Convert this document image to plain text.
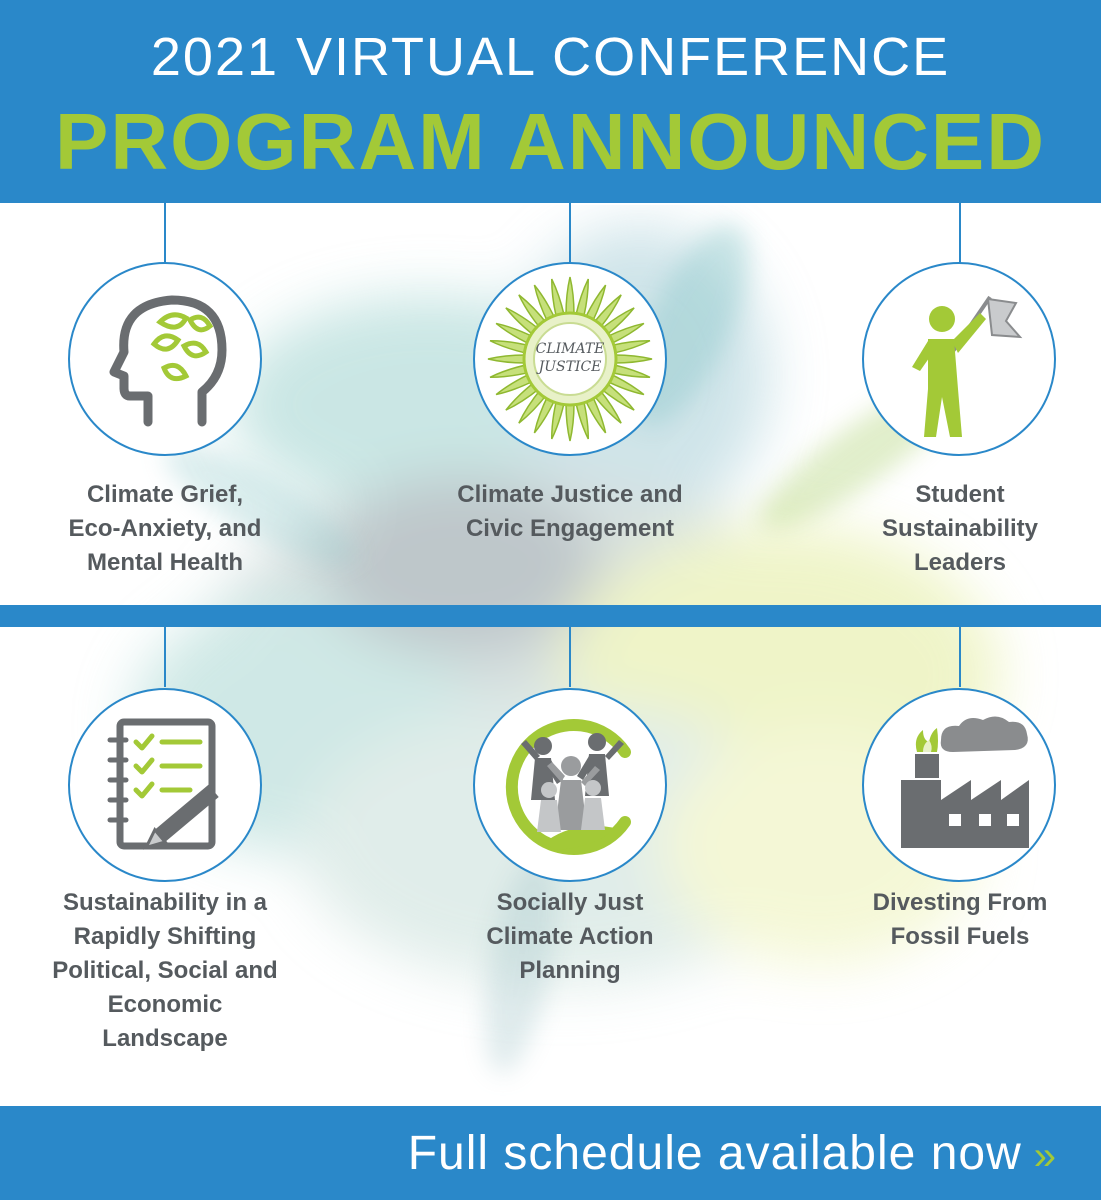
2021 VIRTUAL CONFERENCE
PROGRAM ANNOUNCED
Climate Grief,
Eco-Anxiety, and
Mental Health
CLIMATE
JUSTICE
Climate Justice and
Civic Engagement
Student
Sustainability
Leaders
Sustainability in a
Rapidly Shifting
Political, Social and
Economic
Landscape
Socially Just
Climate Action
Planning
Divesting From
Fossil Fuels
Full schedule available now »
